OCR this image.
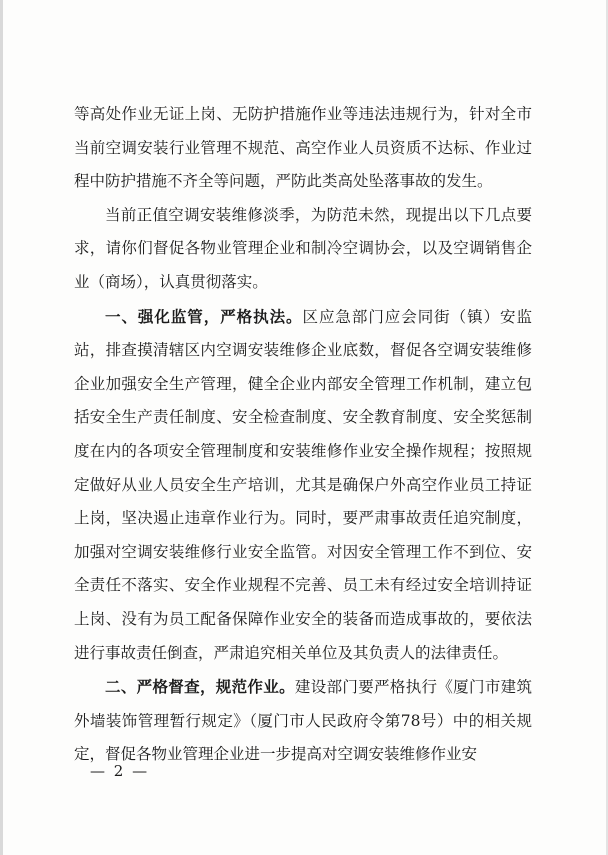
等高处作业无证上岗、无防护措施作业等违法违规行为，针对全市当前空调安装行业管理不规范、高空作业人员资质不达标、作业过程中防护措施不齐全等问题，严防此类高处坠落事故的发生。

当前正值空调安装维修淡季，为防范未然，现提出以下几点要求，请你们督促各物业管理企业和制冷空调协会，以及空调销售企业（商场），认真贯彻落实。

一、强化监管，严格执法。区应急部门应会同街（镇）安监站，排查摸清辖区内空调安装维修企业底数，督促各空调安装维修企业加强安全生产管理，健全企业内部安全管理工作机制，建立包括安全生产责任制度、安全检查制度、安全教育制度、安全奖惩制度在内的各项安全管理制度和安装维修作业安全操作规程；按照规定做好从业人员安全生产培训，尤其是确保户外高空作业员工持证上岗，坚决遏止违章作业行为。同时，要严肃事故责任追究制度，加强对空调安装维修行业安全监管。对因安全管理工作不到位、安全责任不落实、安全作业规程不完善、员工未有经过安全培训持证上岗、没有为员工配备保障作业安全的装备而造成事故的，要依法进行事故责任倒查，严肃追究相关单位及其负责人的法律责任。

二、严格督查，规范作业。建设部门要严格执行《厦门市建筑外墙装饰管理暂行规定》（厦门市人民政府令第78号）中的相关规定，督促各物业管理企业进一步提高对空调安装维修作业安

— 2 —
